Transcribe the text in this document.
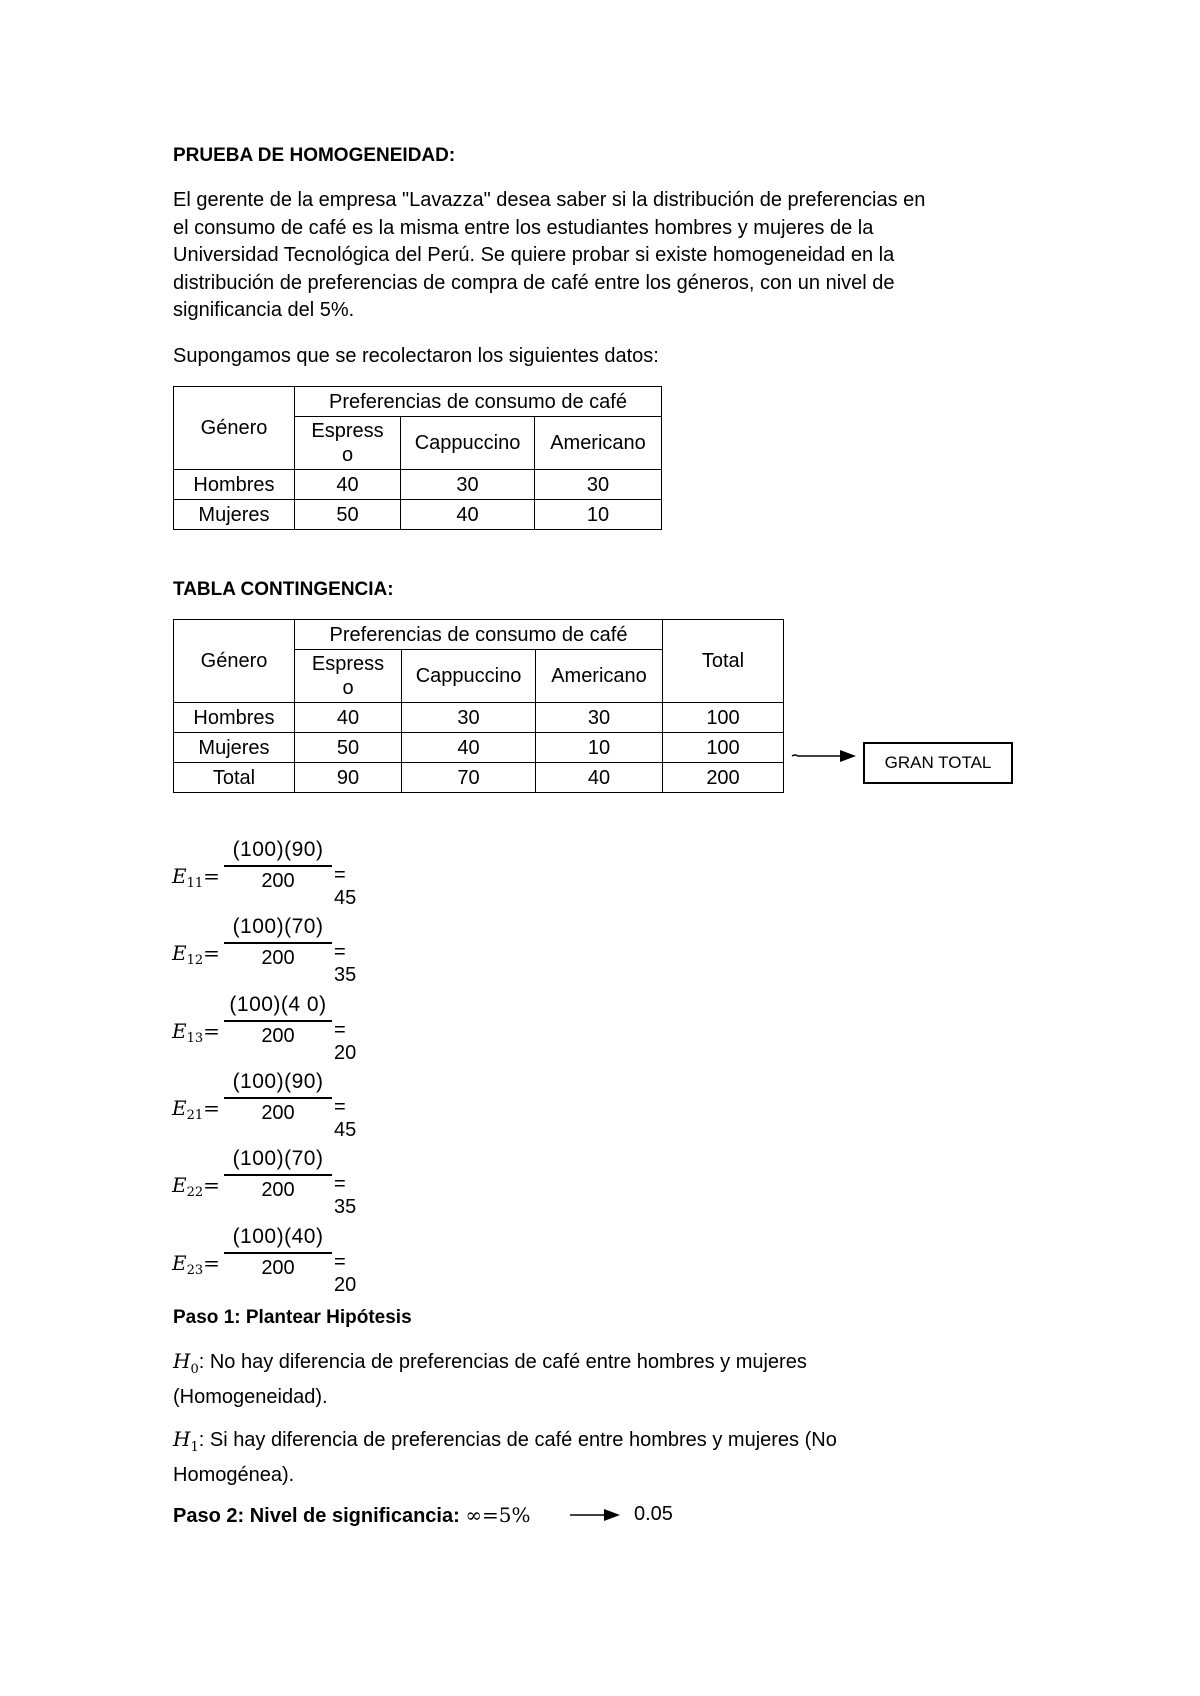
PRUEBA DE HOMOGENEIDAD:
El gerente de la empresa "Lavazza" desea saber si la distribución de preferencias en
el consumo de café es la misma entre los estudiantes hombres y mujeres de la
Universidad Tecnológica del Perú. Se quiere probar si existe homogeneidad en la
distribución de preferencias de compra de café entre los géneros, con un nivel de
significancia del 5%.
Supongamos que se recolectaron los siguientes datos:
Género	Preferencias de consumo de café		
	Espress
o	Cappuccino	Americano
Hombres	40	30	30
Mujeres	50	40	10
TABLA CONTINGENCIA:
Género	Preferencias de consumo de café			Total
	Espress
o	Cappuccino	Americano	
Hombres	40	30	30	100
Mujeres	50	40	10	100
Total	90	70	40	200
GRAN TOTAL
$E_{11}= \frac{(100)(90)}{200} = 45$
$E_{12}= \frac{(100)(70)}{200} = 35$
$E_{13}= \frac{(100)(4 0)}{200} = 20$
$E_{21}= \frac{(100)(90)}{200} = 45$
$E_{22}= \frac{(100)(70)}{200} = 35$
$E_{23}= \frac{(100)(40)}{200} = 20$
Paso 1: Plantear Hipótesis
$H_0$: No hay diferencia de preferencias de café entre hombres y mujeres
(Homogeneidad).
$H_1$: Si hay diferencia de preferencias de café entre hombres y mujeres (No
Homogénea).
Paso 2: Nivel de significancia: ∞=5%	0.05
